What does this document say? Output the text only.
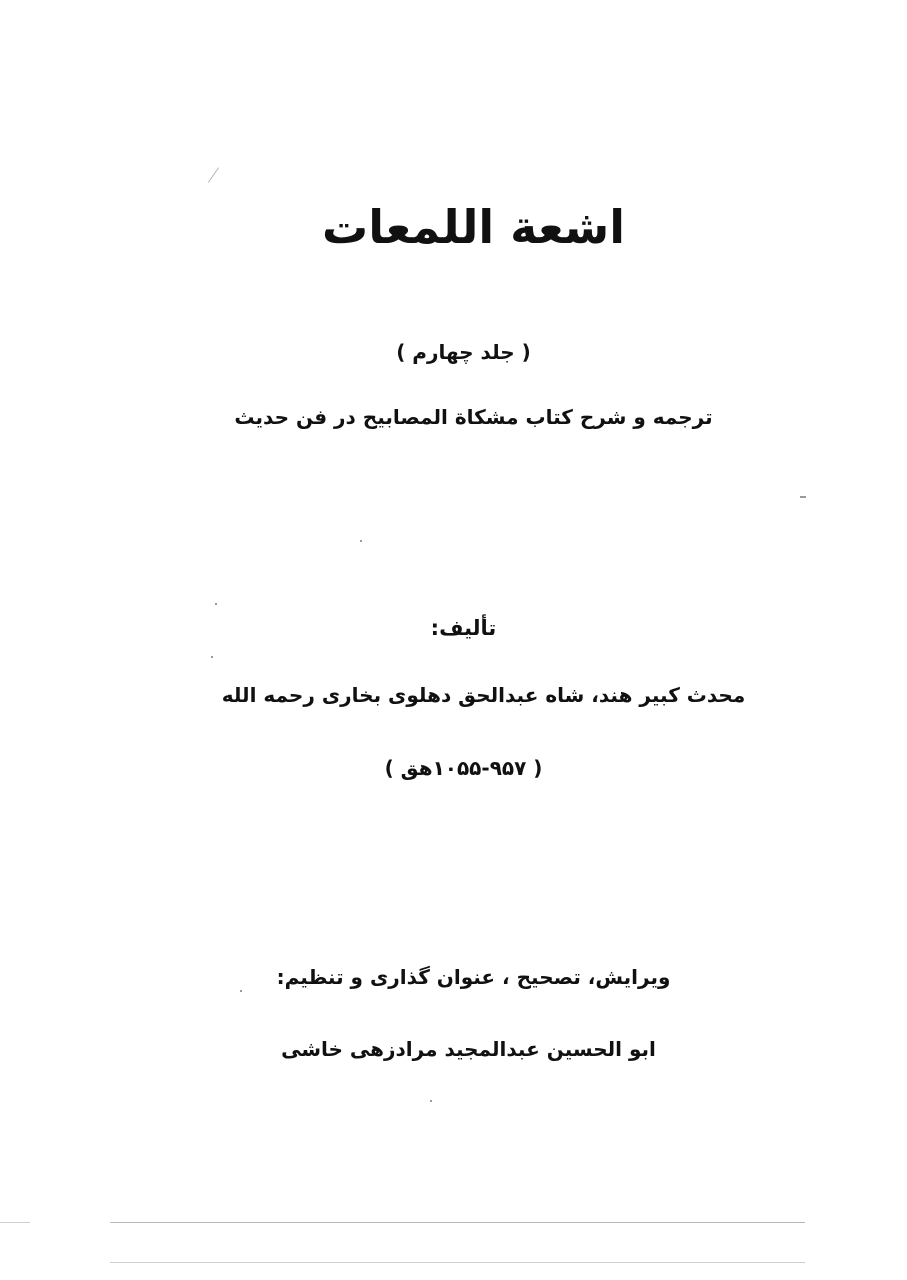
اشعة اللمعات
( جلد چهارم )
ترجمه و شرح كتاب مشكاة المصابيح در فن حديث
تأليف:
محدث كبير هند، شاه عبدالحق دهلوى بخارى رحمه الله
( ۱۰۵۵-۹۵۷هق )
ويرايش، تصحيح ، عنوان گذارى و تنظيم:
ابو الحسين عبدالمجيد مرادزهى خاشى
